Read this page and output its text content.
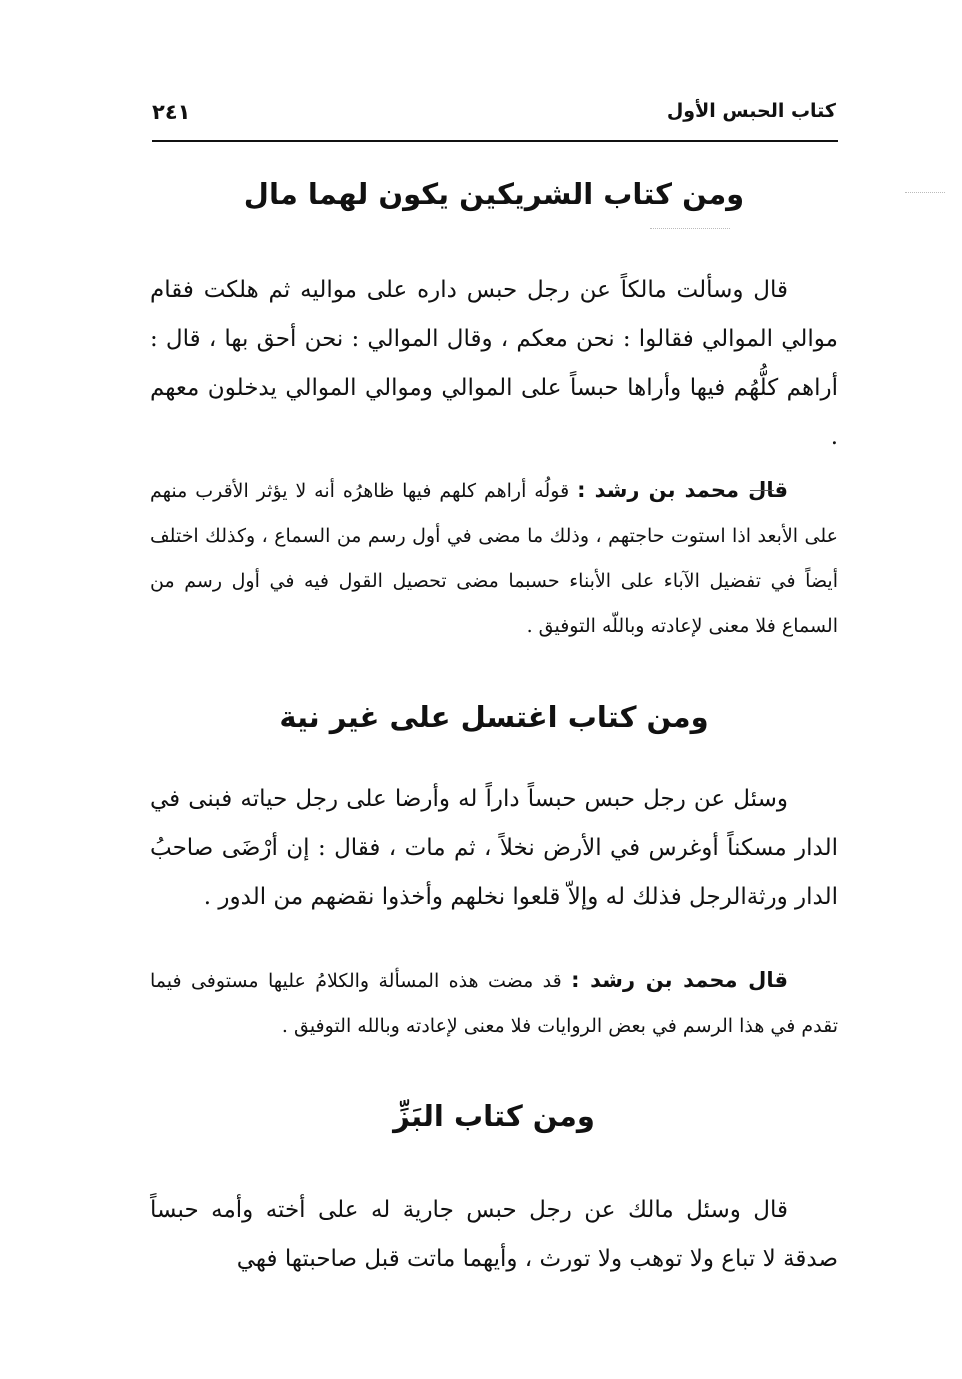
كتاب الحبس الأول
٢٤١
ومن كتاب الشريكين يكون لهما مال

قال وسألت مالكاً عن رجل حبس داره على مواليه ثم هلكت فقام موالي الموالي فقالوا : نحن معكم ، وقال الموالي : نحن أحق بها ، قال : أراهم كلُّهُم فيها وأراها حبساً على الموالي وموالي الموالي يدخلون معهم .

قال محمد بن رشد : قولُه أراهم كلهم فيها ظاهرُه أنه لا يؤثر الأقرب منهم على الأبعد اذا استوت حاجتهم ، وذلك ما مضى في أول رسم من السماع ، وكذلك اختلف أيضاً في تفضيل الآباء على الأبناء حسبما مضى تحصيل القول فيه في أول رسم من السماع فلا معنى لإعادته وباللّه التوفيق .

ومن كتاب اغتسل على غير نية

وسئل عن رجل حبس حبساً داراً له وأرضا على رجل حياته فبنى في الدار مسكناً أوغرس في الأرض نخلاً ، ثم مات ، فقال : إن أرْضَى صاحبُ الدار ورثةالرجل فذلك له وإلاّ قلعوا نخلهم وأخذوا نقضهم من الدور .

قال محمد بن رشد : قد مضت هذه المسألة والكلامُ عليها مستوفى فيما تقدم في هذا الرسم في بعض الروايات فلا معنى لإعادته وبالله التوفيق .

ومن كتاب البَزِّ

قال وسئل مالك عن رجل حبس جارية له على أخته وأمه حبساً صدقة لا تباع ولا توهب ولا تورث ، وأيهما ماتت قبل صاحبتها فهي
